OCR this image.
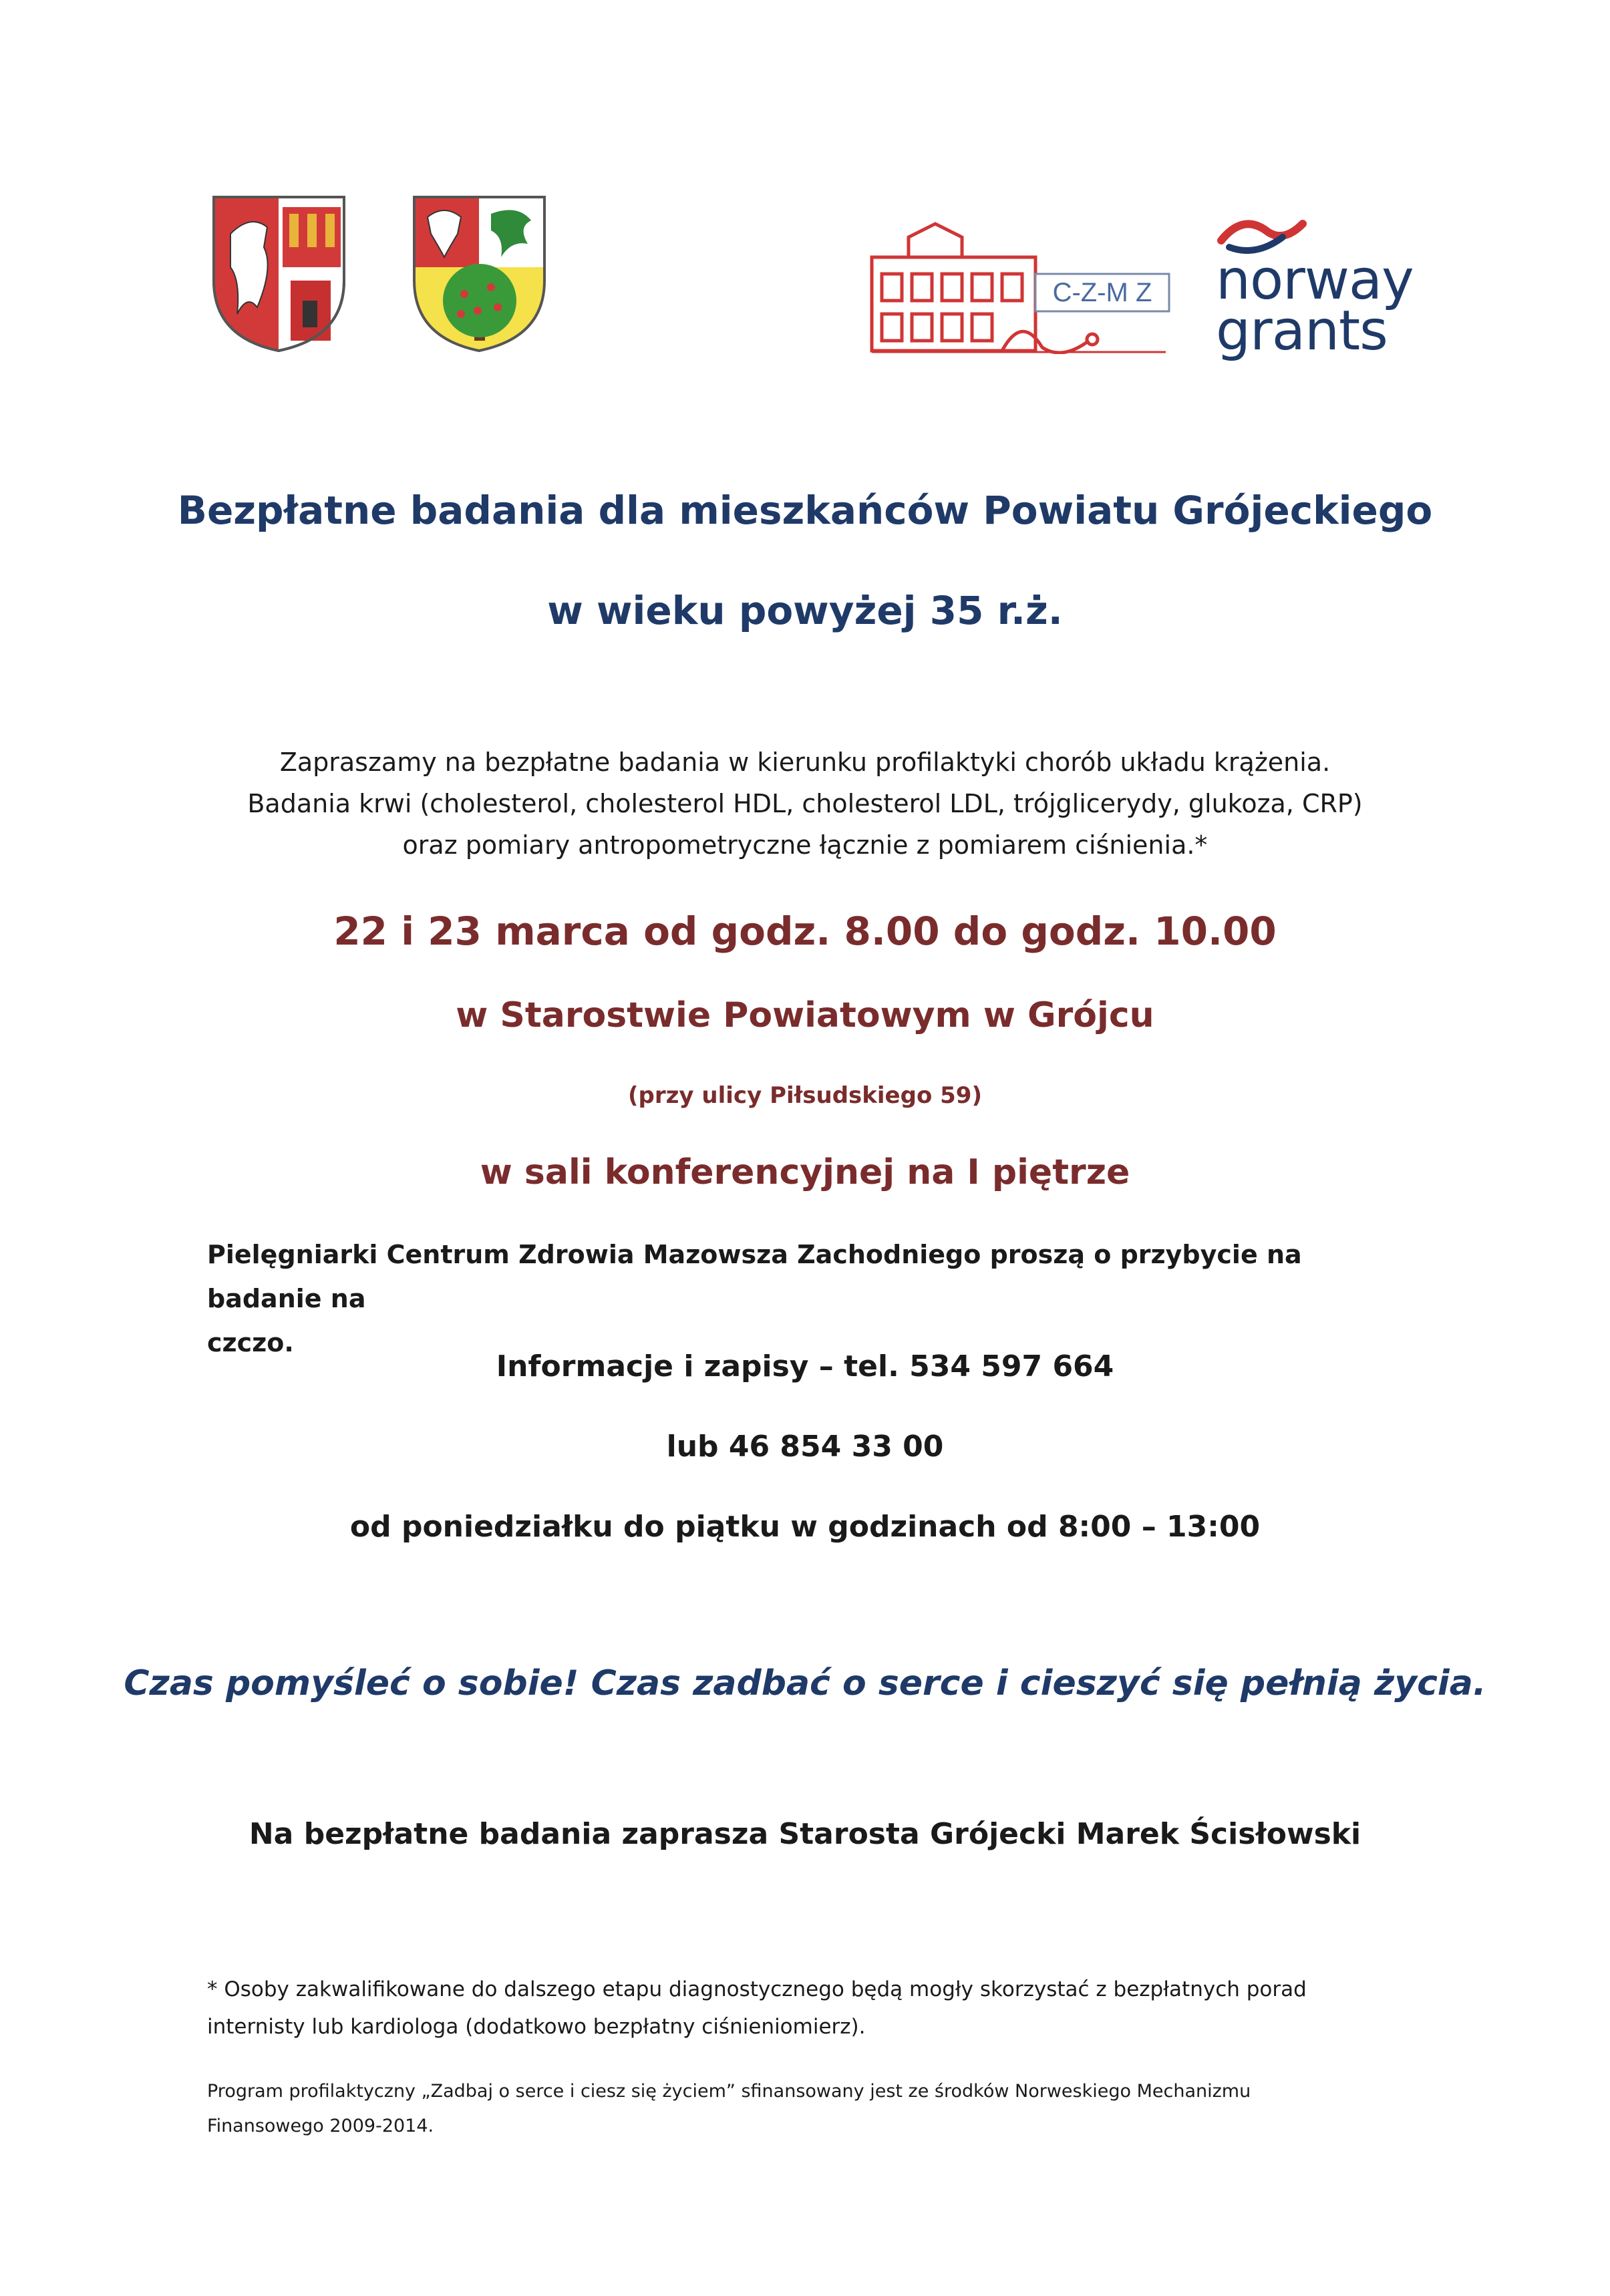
C-Z-M Z	norway
grants
Bezpłatne badania dla mieszkańców Powiatu Grójeckiego
w wieku powyżej 35 r.ż.
Zapraszamy na bezpłatne badania w kierunku profilaktyki chorób układu krążenia.
Badania krwi (cholesterol, cholesterol HDL, cholesterol LDL, trójglicerydy, glukoza, CRP)
oraz pomiary antropometryczne łącznie z pomiarem ciśnienia.*
22 i 23 marca od godz. 8.00 do godz. 10.00
w Starostwie Powiatowym w Grójcu
(przy ulicy Piłsudskiego 59)
w sali konferencyjnej na I piętrze
Pielęgniarki Centrum Zdrowia Mazowsza Zachodniego proszą o przybycie na badanie na
czczo.
Informacje i zapisy – tel. 534 597 664
lub 46 854 33 00
od poniedziałku do piątku w godzinach od 8:00 – 13:00
Czas pomyśleć o sobie! Czas zadbać o serce i cieszyć się pełnią życia.
Na bezpłatne badania zaprasza Starosta Grójecki Marek Ścisłowski
* Osoby zakwalifikowane do dalszego etapu diagnostycznego będą mogły skorzystać z bezpłatnych porad
internisty lub kardiologa (dodatkowo bezpłatny ciśnieniomierz).
Program profilaktyczny „Zadbaj o serce i ciesz się życiem” sfinansowany jest ze środków Norweskiego Mechanizmu
Finansowego 2009-2014.
